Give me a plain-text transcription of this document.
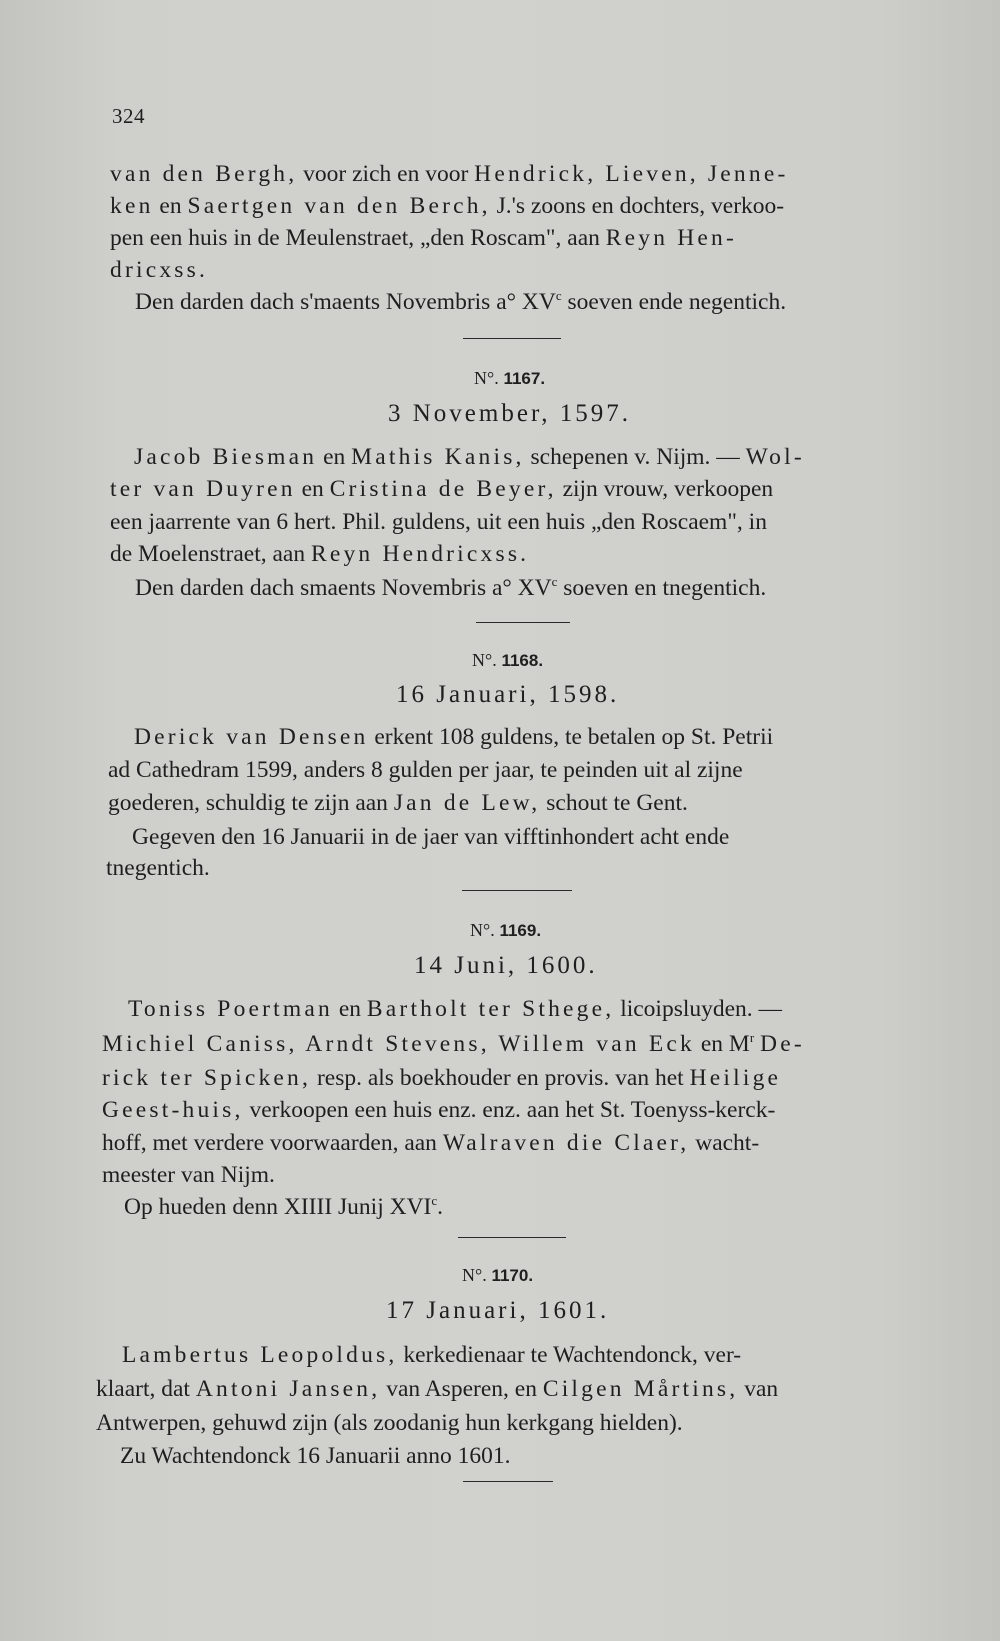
324
van den Bergh, voor zich en voor Hendrick, Lieven, Jenne-
ken en Saertgen van den Berch, J.'s zoons en dochters, verkoo-
pen een huis in de Meulenstraet, „den Roscam", aan Reyn Hen-
dricxss.
Den darden dach s'maents Novembris a° $XV^c$ soeven ende negentich.
N°. 1167.
3 November, 1597.
Jacob Biesman en Mathis Kanis, schepenen v. Nijm. — Wol-
ter van Duyren en Cristina de Beyer, zijn vrouw, verkoopen
een jaarrente van 6 hert. Phil. guldens, uit een huis „den Roscaem", in
de Moelenstraet, aan Reyn Hendricxss.
Den darden dach smaents Novembris a° $XV^c$ soeven en tnegentich.
N°. 1168.
16 Januari, 1598.
Derick van Densen erkent 108 guldens, te betalen op St. Petrii
ad Cathedram 1599, anders 8 gulden per jaar, te peinden uit al zijne
goederen, schuldig te zijn aan Jan de Lew, schout te Gent.
Gegeven den 16 Januarii in de jaer van vifftinhondert acht ende
tnegentich.
N°. 1169.
14 Juni, 1600.
Toniss Poertman en Bartholt ter Sthege, licoipsluyden. —
Michiel Caniss, Arndt Stevens, Willem van Eck en $M^r$ De-
rick ter Spicken, resp. als boekhouder en provis. van het Heilige
Geest-huis, verkoopen een huis enz. enz. aan het St. Toenyss-kerck-
hoff, met verdere voorwaarden, aan Walraven die Claer, wacht-
meester van Nijm.
Op hueden denn XIIII Junij XVI$^c$.
N°. 1170.
17 Januari, 1601.
Lambertus Leopoldus, kerkedienaar te Wachtendonck, ver-
klaart, dat Antoni Jansen, van Asperen, en Cilgen Mårtins, van
Antwerpen, gehuwd zijn (als zoodanig hun kerkgang hielden).
Zu Wachtendonck 16 Januarii anno 1601.
